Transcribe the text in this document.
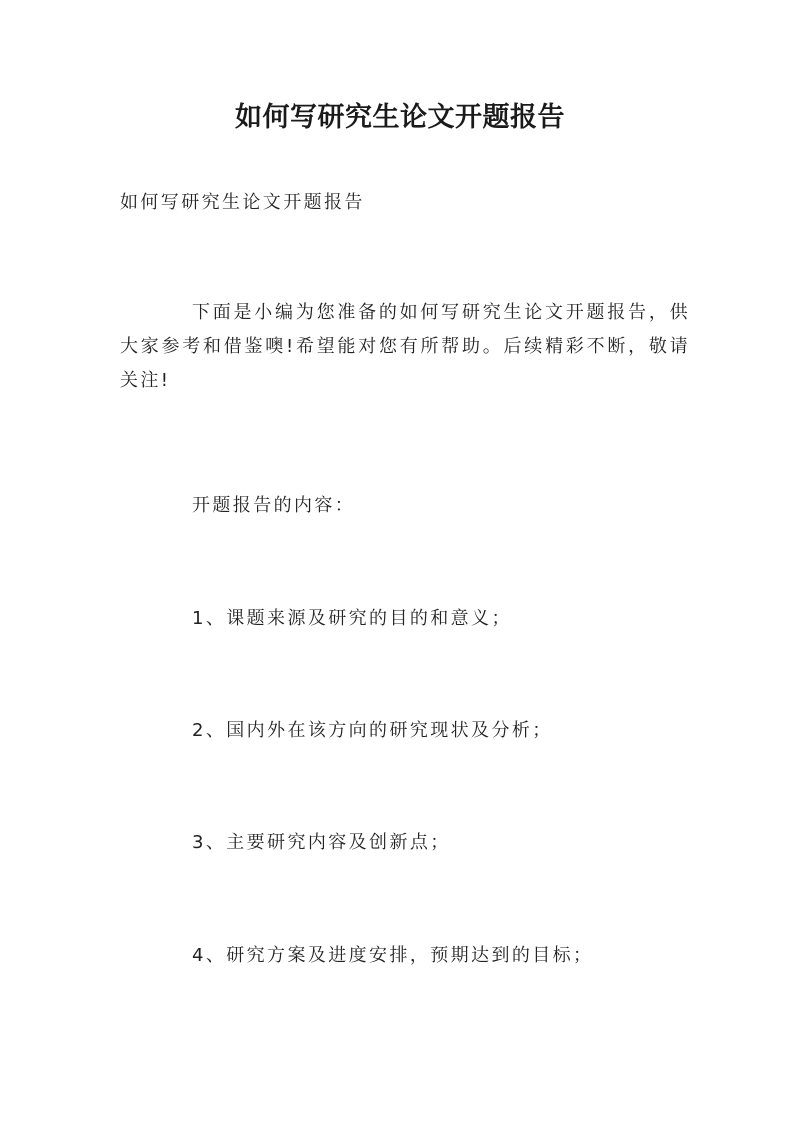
如何写研究生论文开题报告
如何写研究生论文开题报告
下面是小编为您准备的如何写研究生论文开题报告，供大家参考和借鉴噢!希望能对您有所帮助。后续精彩不断，敬请关注!
开题报告的内容：
1、课题来源及研究的目的和意义；
2、国内外在该方向的研究现状及分析；
3、主要研究内容及创新点；
4、研究方案及进度安排，预期达到的目标；
